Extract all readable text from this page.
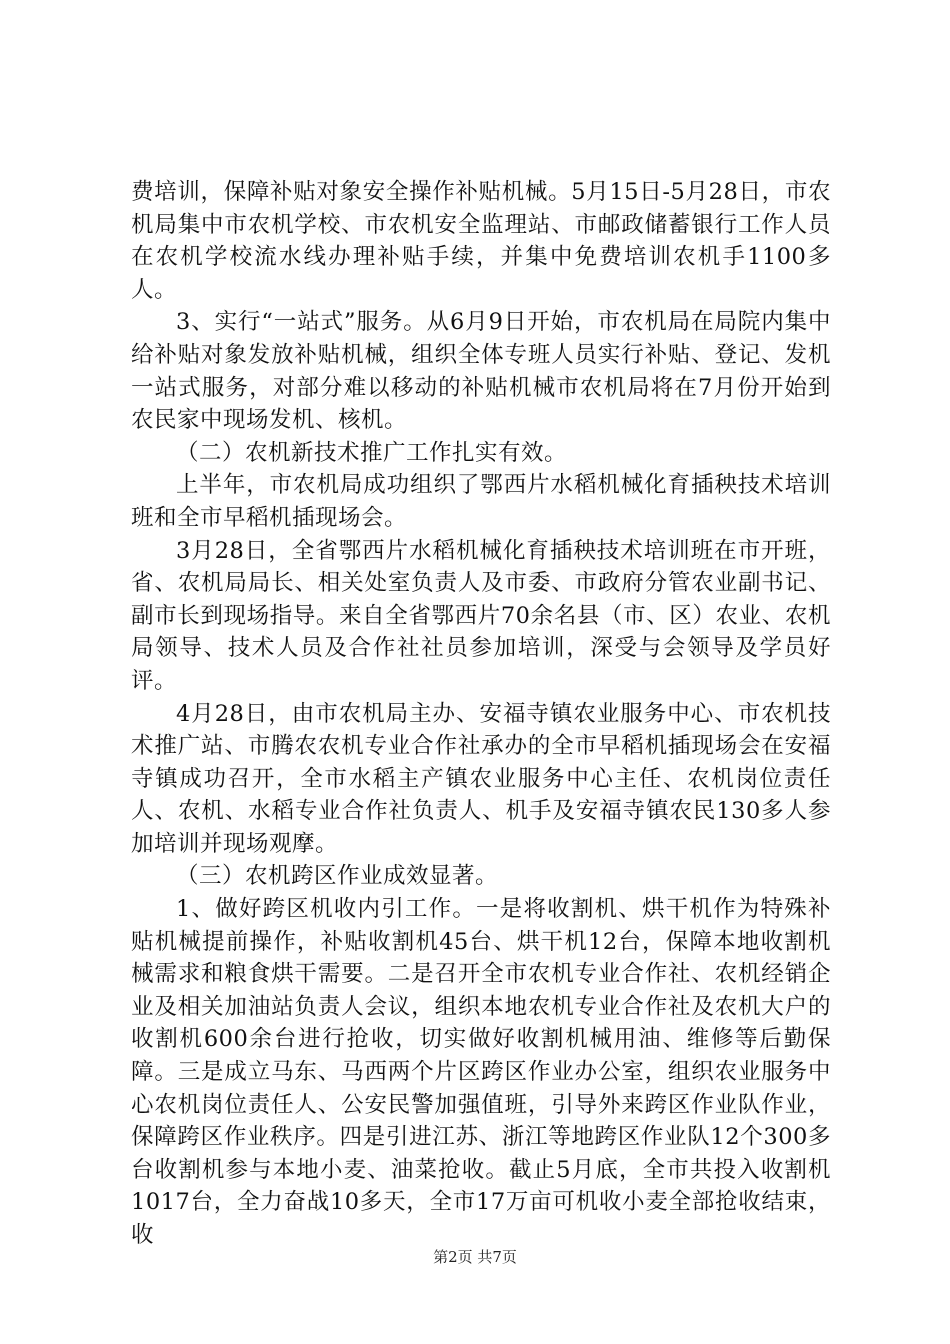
费培训，保障补贴对象安全操作补贴机械。5月15日-5月28日，市农机局集中市农机学校、市农机安全监理站、市邮政储蓄银行工作人员在农机学校流水线办理补贴手续，并集中免费培训农机手1100多人。

3、实行“一站式”服务。从6月9日开始，市农机局在局院内集中给补贴对象发放补贴机械，组织全体专班人员实行补贴、登记、发机一站式服务，对部分难以移动的补贴机械市农机局将在7月份开始到农民家中现场发机、核机。

（二）农机新技术推广工作扎实有效。

上半年，市农机局成功组织了鄂西片水稻机械化育插秧技术培训班和全市早稻机插现场会。

3月28日，全省鄂西片水稻机械化育插秧技术培训班在市开班，省、农机局局长、相关处室负责人及市委、市政府分管农业副书记、副市长到现场指导。来自全省鄂西片70余名县（市、区）农业、农机局领导、技术人员及合作社社员参加培训，深受与会领导及学员好评。

4月28日，由市农机局主办、安福寺镇农业服务中心、市农机技术推广站、市腾农农机专业合作社承办的全市早稻机插现场会在安福寺镇成功召开，全市水稻主产镇农业服务中心主任、农机岗位责任人、农机、水稻专业合作社负责人、机手及安福寺镇农民130多人参加培训并现场观摩。

（三）农机跨区作业成效显著。

1、做好跨区机收内引工作。一是将收割机、烘干机作为特殊补贴机械提前操作，补贴收割机45台、烘干机12台，保障本地收割机械需求和粮食烘干需要。二是召开全市农机专业合作社、农机经销企业及相关加油站负责人会议，组织本地农机专业合作社及农机大户的收割机600余台进行抢收，切实做好收割机械用油、维修等后勤保障。三是成立马东、马西两个片区跨区作业办公室，组织农业服务中心农机岗位责任人、公安民警加强值班，引导外来跨区作业队作业，保障跨区作业秩序。四是引进江苏、浙江等地跨区作业队12个300多台收割机参与本地小麦、油菜抢收。截止5月底，全市共投入收割机1017台，全力奋战10多天，全市17万亩可机收小麦全部抢收结束，收

第2页 共7页
